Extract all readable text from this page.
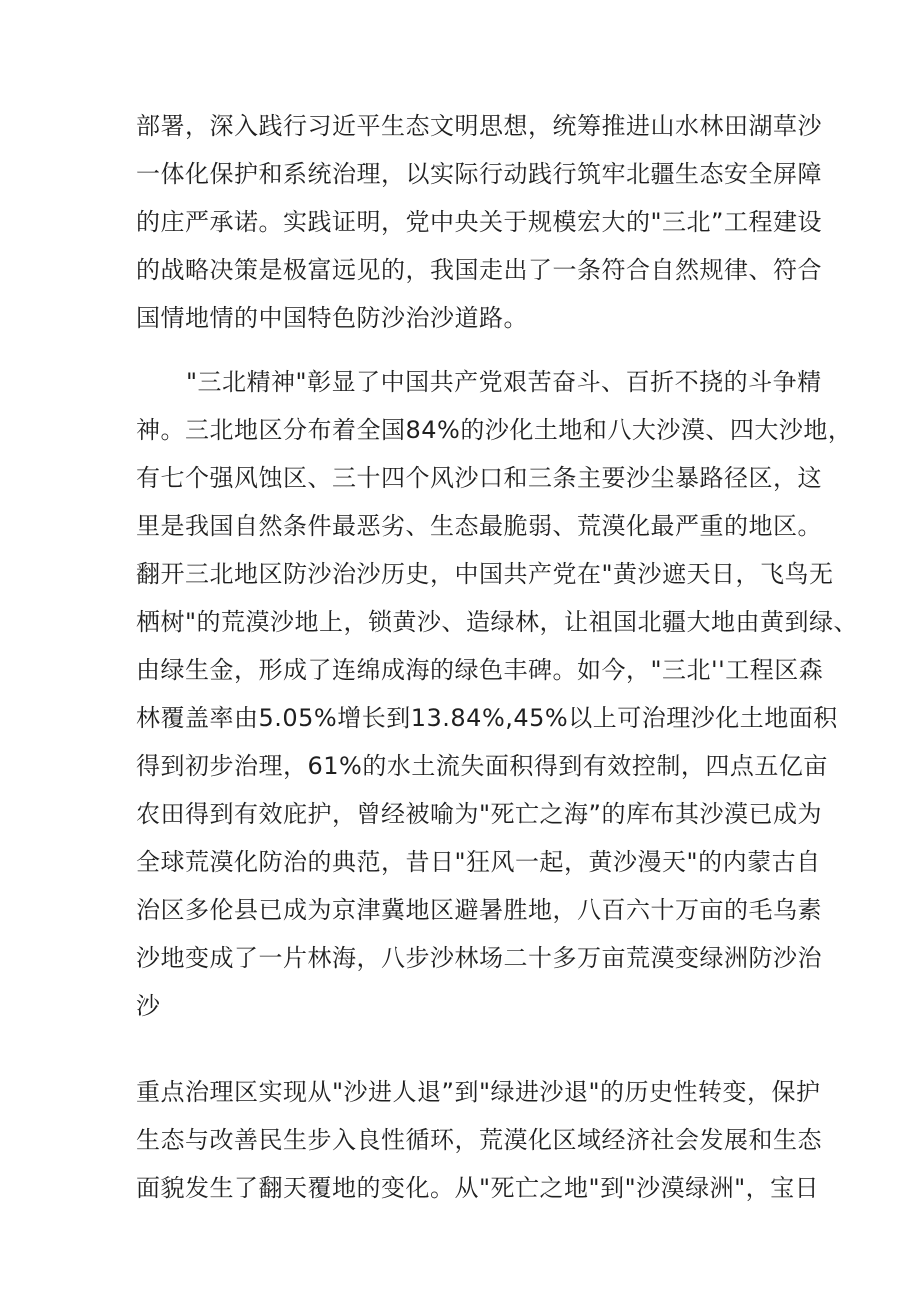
部署，深入践行习近平生态文明思想，统筹推进山水林田湖草沙
一体化保护和系统治理，以实际行动践行筑牢北疆生态安全屏障
的庄严承诺。实践证明，党中央关于规模宏大的"三北”工程建设
的战略决策是极富远见的，我国走出了一条符合自然规律、符合
国情地情的中国特色防沙治沙道路。
"三北精神"彰显了中国共产党艰苦奋斗、百折不挠的斗争精
神。三北地区分布着全国84%的沙化土地和八大沙漠、四大沙地，
有七个强风蚀区、三十四个风沙口和三条主要沙尘暴路径区，这
里是我国自然条件最恶劣、生态最脆弱、荒漠化最严重的地区。
翻开三北地区防沙治沙历史，中国共产党在"黄沙遮天日，飞鸟无
栖树"的荒漠沙地上，锁黄沙、造绿林，让祖国北疆大地由黄到绿、
由绿生金，形成了连绵成海的绿色丰碑。如今，"三北''工程区森
林覆盖率由5.05%增长到13.84%,45%以上可治理沙化土地面积
得到初步治理，61%的水土流失面积得到有效控制，四点五亿亩
农田得到有效庇护，曾经被喻为"死亡之海”的库布其沙漠已成为
全球荒漠化防治的典范，昔日"狂风一起，黄沙漫天"的内蒙古自
治区多伦县已成为京津冀地区避暑胜地，八百六十万亩的毛乌素
沙地变成了一片林海，八步沙林场二十多万亩荒漠变绿洲防沙治
沙
重点治理区实现从"沙进人退”到"绿进沙退"的历史性转变，保护
生态与改善民生步入良性循环，荒漠化区域经济社会发展和生态
面貌发生了翻天覆地的变化。从"死亡之地"到"沙漠绿洲"，宝日
